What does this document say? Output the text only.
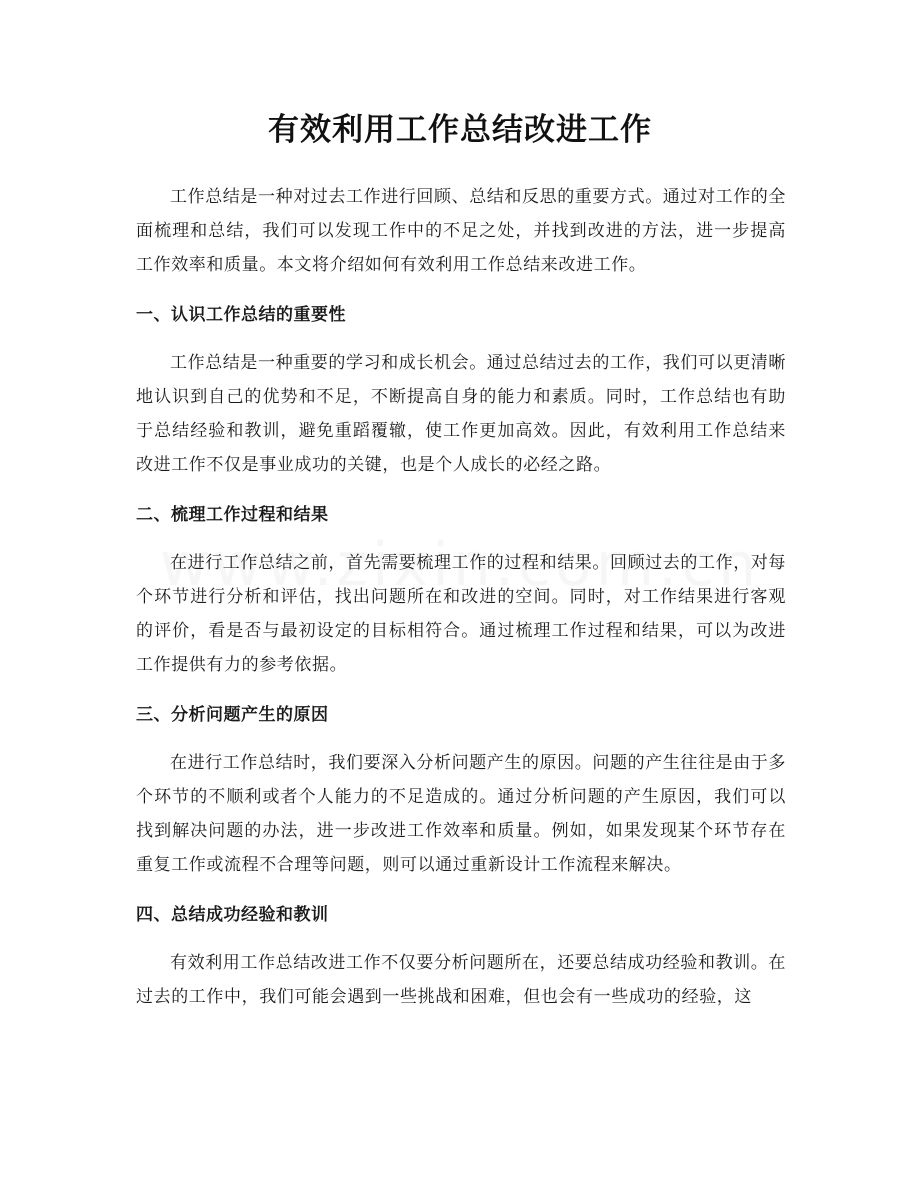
有效利用工作总结改进工作

工作总结是一种对过去工作进行回顾、总结和反思的重要方式。通过对工作的全面梳理和总结，我们可以发现工作中的不足之处，并找到改进的方法，进一步提高工作效率和质量。本文将介绍如何有效利用工作总结来改进工作。

一、认识工作总结的重要性

工作总结是一种重要的学习和成长机会。通过总结过去的工作，我们可以更清晰地认识到自己的优势和不足，不断提高自身的能力和素质。同时，工作总结也有助于总结经验和教训，避免重蹈覆辙，使工作更加高效。因此，有效利用工作总结来改进工作不仅是事业成功的关键，也是个人成长的必经之路。

二、梳理工作过程和结果

在进行工作总结之前，首先需要梳理工作的过程和结果。回顾过去的工作，对每个环节进行分析和评估，找出问题所在和改进的空间。同时，对工作结果进行客观的评价，看是否与最初设定的目标相符合。通过梳理工作过程和结果，可以为改进工作提供有力的参考依据。

三、分析问题产生的原因

在进行工作总结时，我们要深入分析问题产生的原因。问题的产生往往是由于多个环节的不顺利或者个人能力的不足造成的。通过分析问题的产生原因，我们可以找到解决问题的办法，进一步改进工作效率和质量。例如，如果发现某个环节存在重复工作或流程不合理等问题，则可以通过重新设计工作流程来解决。

四、总结成功经验和教训

有效利用工作总结改进工作不仅要分析问题所在，还要总结成功经验和教训。在过去的工作中，我们可能会遇到一些挑战和困难，但也会有一些成功的经验，这
